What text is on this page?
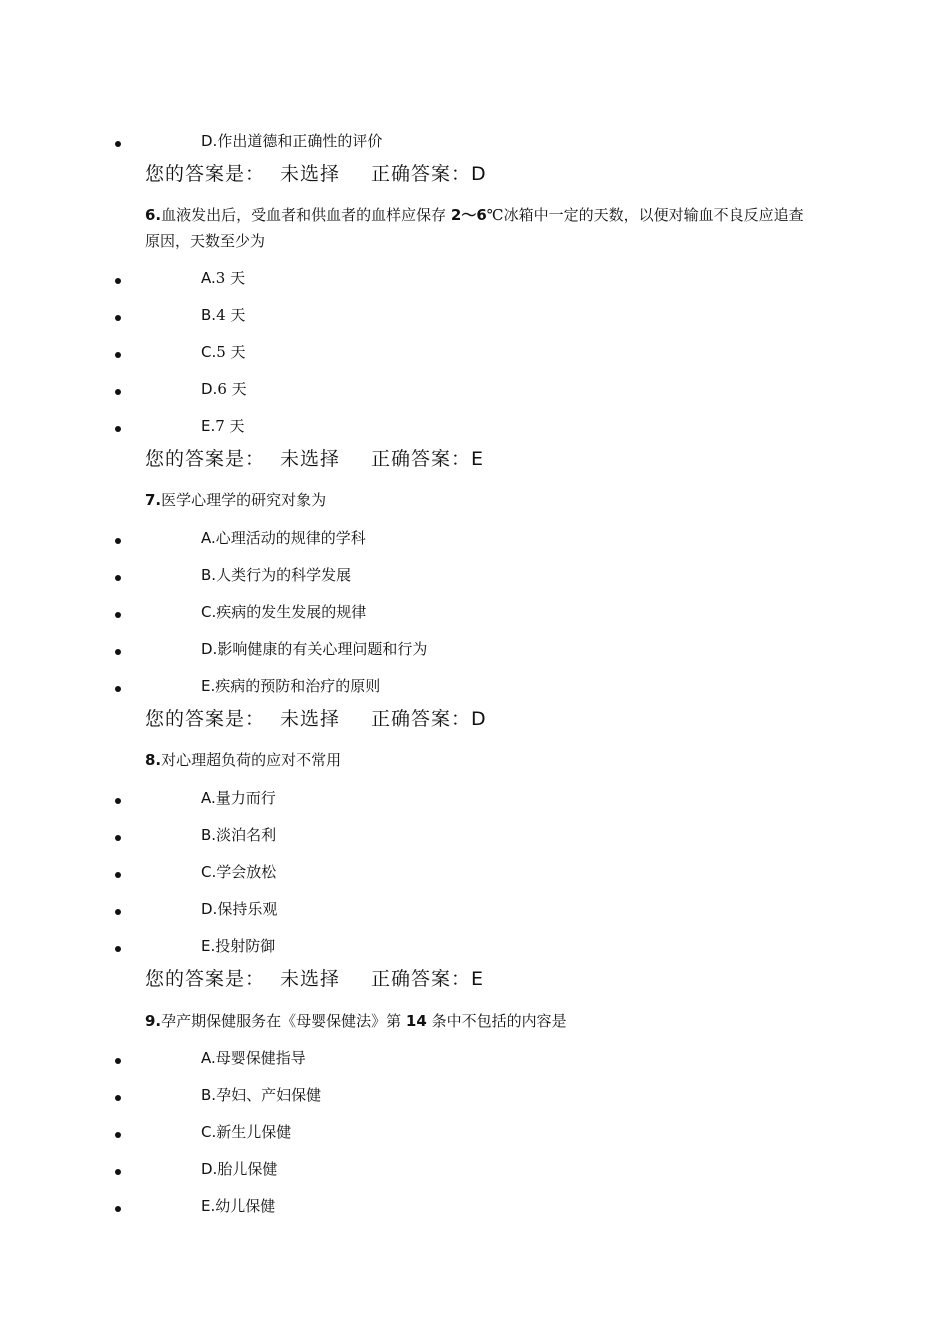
D.作出道德和正确性的评价
您的答案是： 未选择 正确答案：D
6.血液发出后，受血者和供血者的血样应保存 2～6℃冰箱中一定的天数，以便对输血不良反应追查原因，天数至少为
A.3 天
B.4 天
C.5 天
D.6 天
E.7 天
您的答案是： 未选择 正确答案：E
7.医学心理学的研究对象为
A.心理活动的规律的学科
B.人类行为的科学发展
C.疾病的发生发展的规律
D.影响健康的有关心理问题和行为
E.疾病的预防和治疗的原则
您的答案是： 未选择 正确答案：D
8.对心理超负荷的应对不常用
A.量力而行
B.淡泊名利
C.学会放松
D.保持乐观
E.投射防御
您的答案是： 未选择 正确答案：E
9.孕产期保健服务在《母婴保健法》第 14 条中不包括的内容是
A.母婴保健指导
B.孕妇、产妇保健
C.新生儿保健
D.胎儿保健
E.幼儿保健
